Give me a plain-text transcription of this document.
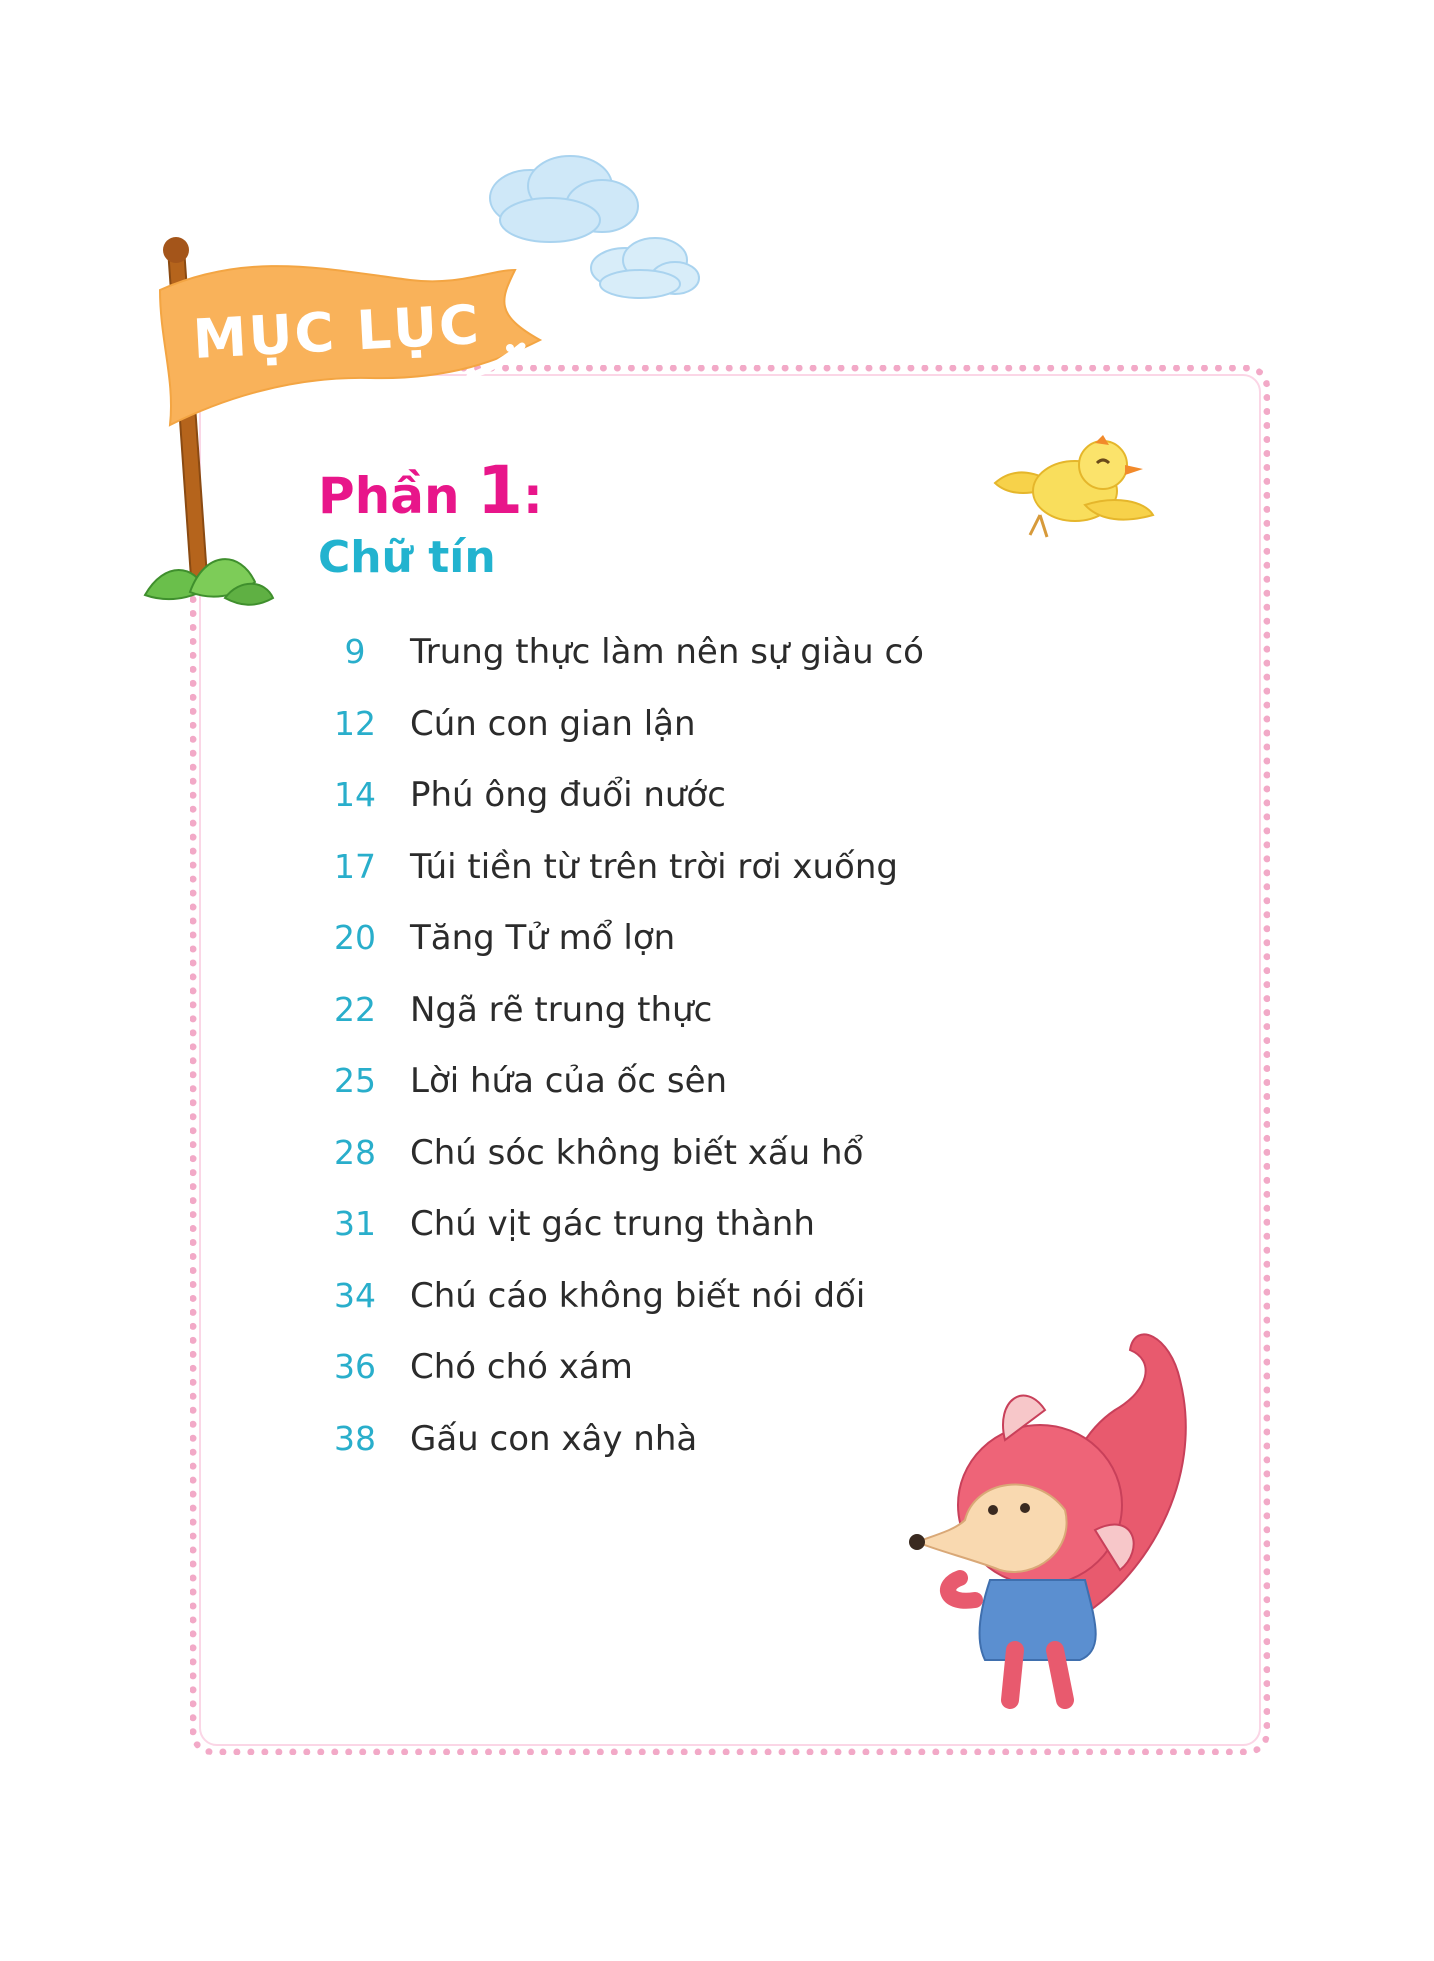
MỤC LỤC
Phần 1:
Chữ tín
9	Trung thực làm nên sự giàu có
12	Cún con gian lận
14	Phú ông đuổi nước
17	Túi tiền từ trên trời rơi xuống
20	Tăng Tử mổ lợn
22	Ngã rẽ trung thực
25	Lời hứa của ốc sên
28	Chú sóc không biết xấu hổ
31	Chú vịt gác trung thành
34	Chú cáo không biết nói dối
36	Chó chó xám
38	Gấu con xây nhà
